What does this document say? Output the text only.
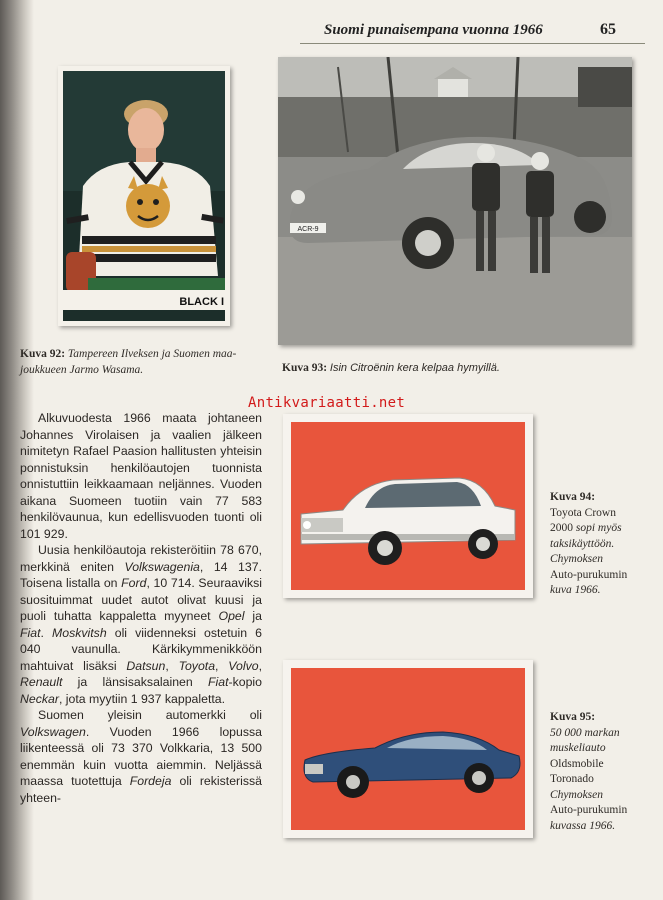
Suomi punaisempana vuonna 1966	65
BLACK I
Kuva 92: Tampereen Ilveksen ja Suomen maa-joukkueen Jarmo Wasama.
ACR-9
Kuva 93: Isin Citroënin kera kelpaa hymyillä.
Antikvariaatti.net

Alkuvuodesta 1966 maata johtaneen Johannes Virolaisen ja vaalien jälkeen nimitetyn Rafael Paasion hallitusten yhteisin ponnistuksin henkilöautojen tuonnista onnistuttiin leikkaamaan neljännes. Vuoden aikana Suomeen tuotiin vain 77 583 henkilövaunua, kun edellisvuoden tuonti oli 101 929.

Uusia henkilöautoja rekisteröitiin 78 670, merkkinä eniten Volkswagenia, 14 137. Toisena listalla on Ford, 10 714. Seuraaviksi suosituimmat uudet autot olivat kuusi ja puoli tuhatta kappaletta myyneet Opel ja Fiat. Moskvitsh oli viidenneksi ostetuin 6 040 vaunulla. Kärkikymmenikköön mahtuivat lisäksi Datsun, Toyota, Volvo, Renault ja länsisaksalainen Fiat-kopio Neckar, jota myytiin 1 937 kappaletta.

Suomen yleisin automerkki oli Volkswagen. Vuoden 1966 lopussa liikenteessä oli 73 370 Volkkaria, 13 500 enemmän kuin vuotta aiemmin. Neljässä maassa tuotettuja Fordeja oli rekisterissä yhteen-

Kuva 94:
Toyota Crown
2000 sopi myös
taksikäyttöön.
Chymoksen
Auto-purukumin
kuva 1966.
Kuva 95:
50 000 markan
muskeliauto
Oldsmobile
Toronado
Chymoksen
Auto-purukumin
kuvassa 1966.
